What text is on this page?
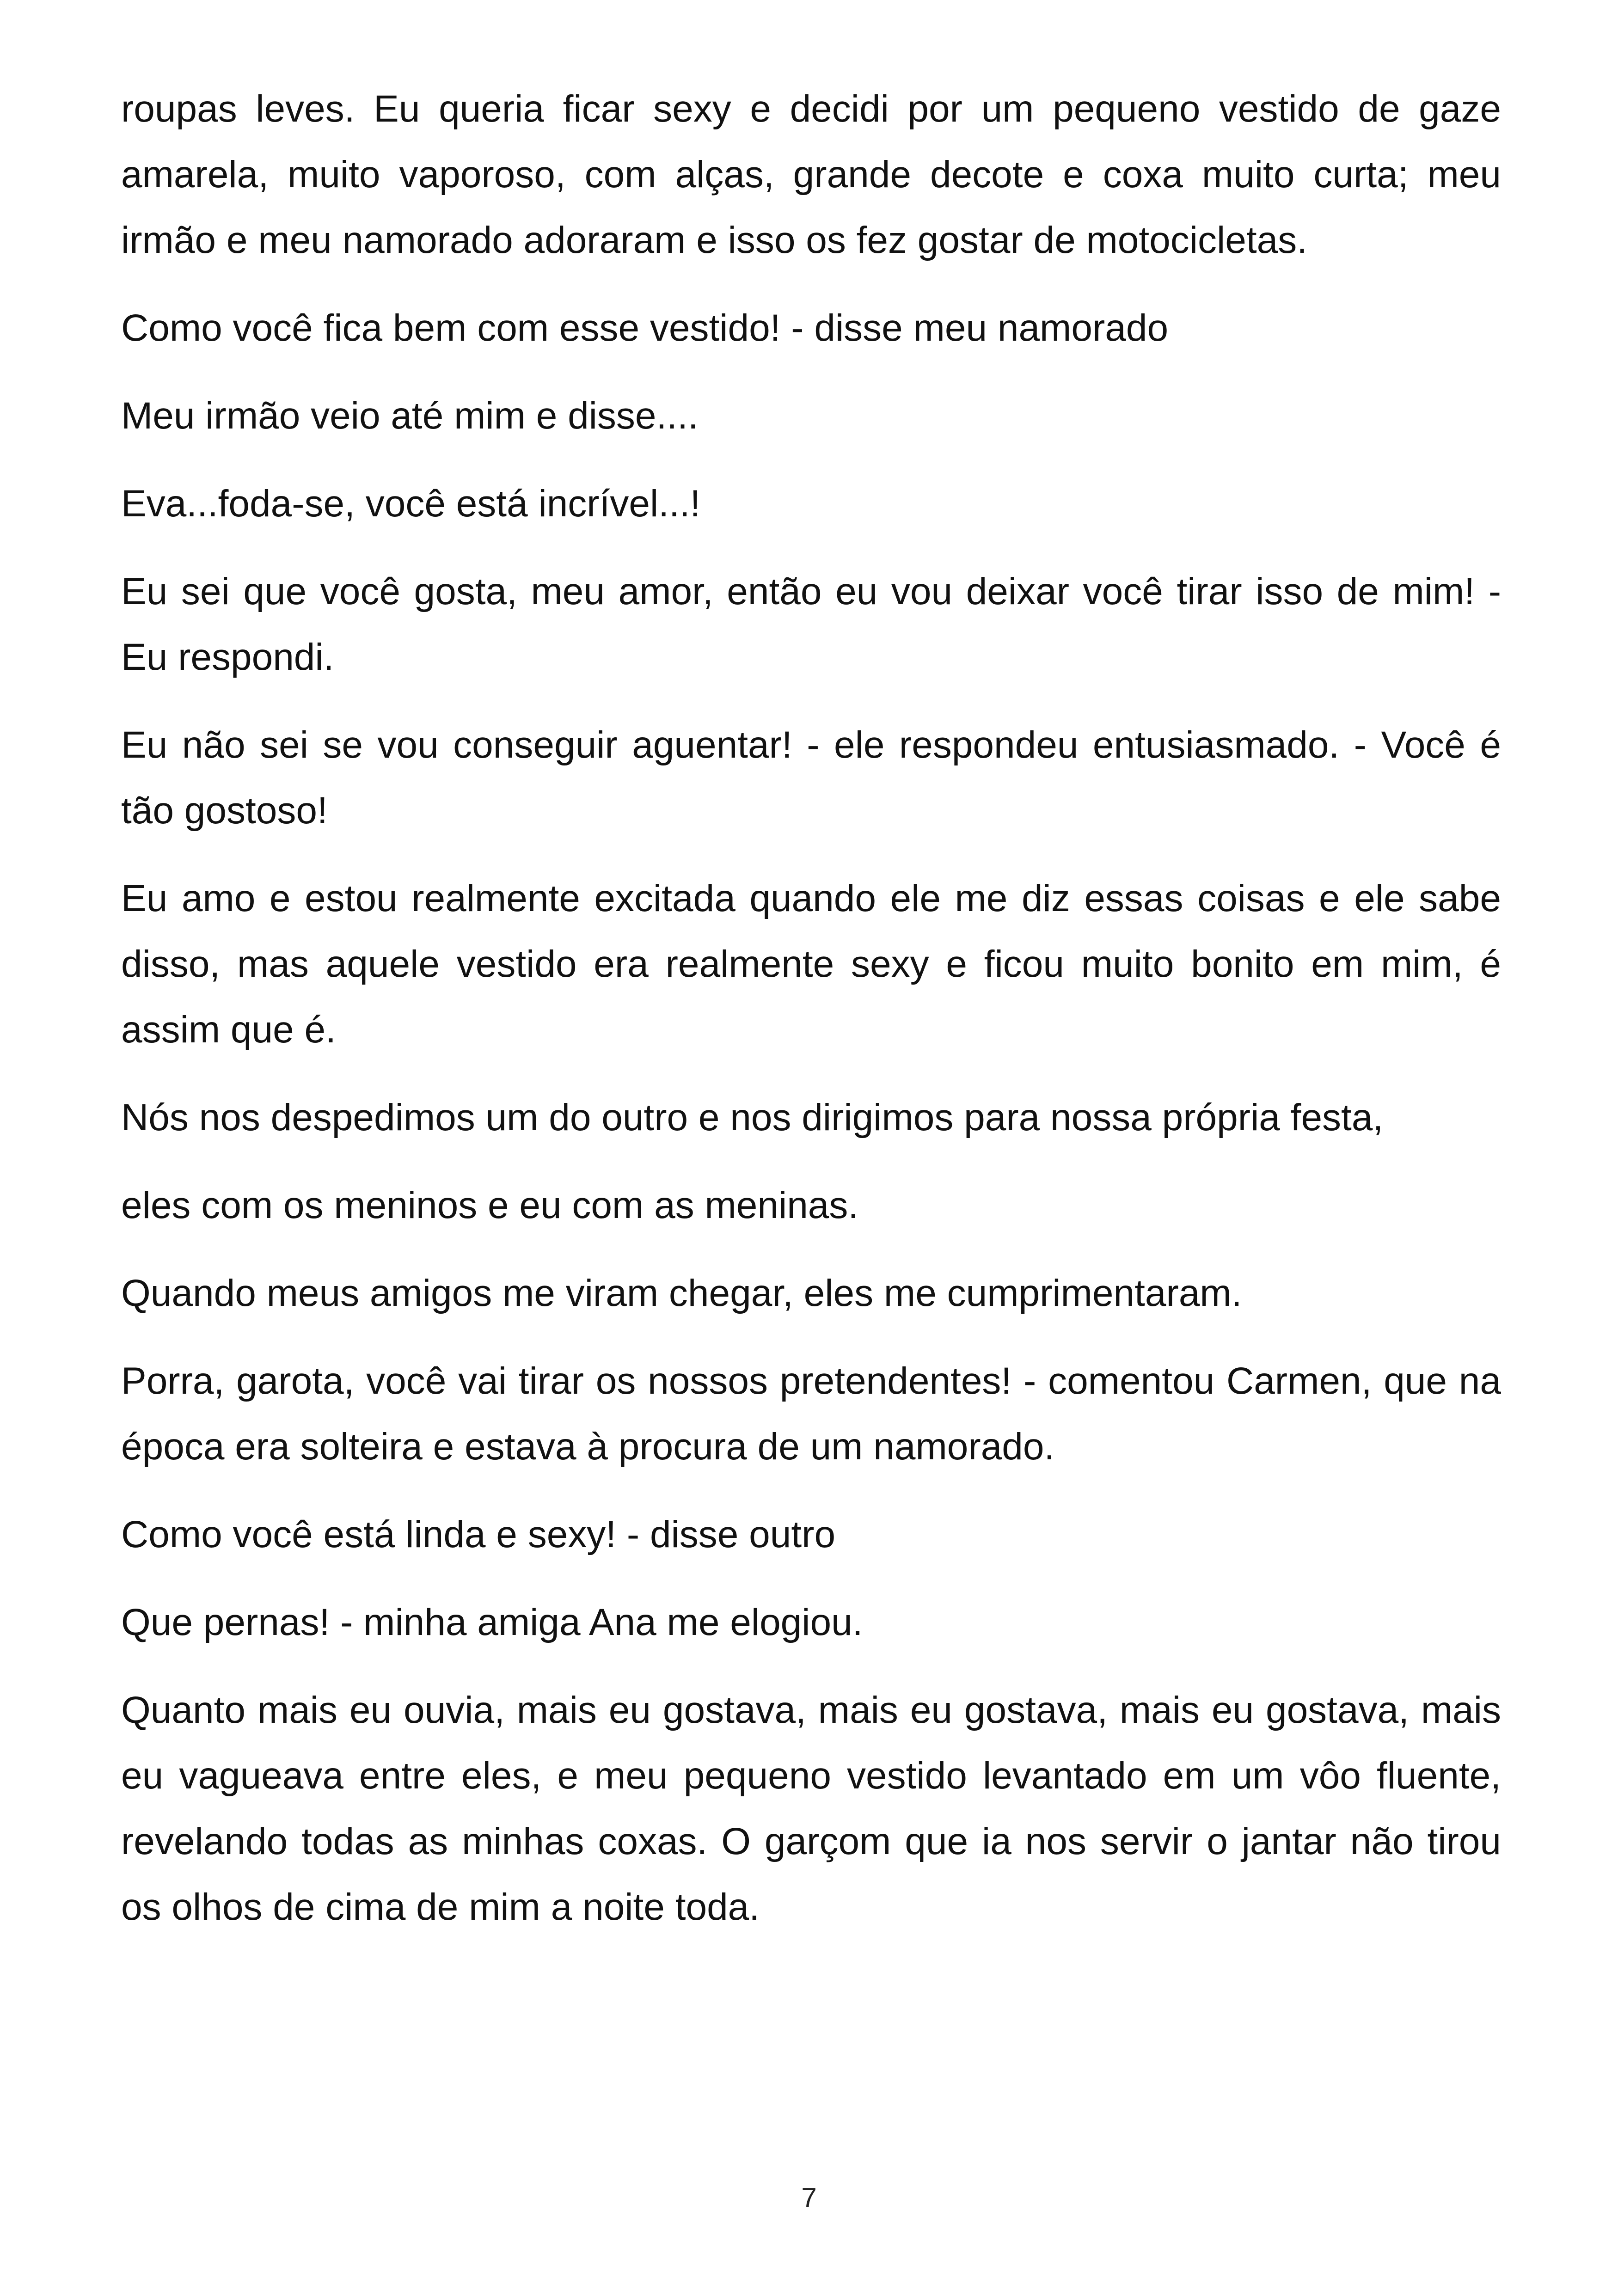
roupas leves. Eu queria ficar sexy e decidi por um pequeno vestido de gaze amarela, muito vaporoso, com alças, grande decote e coxa muito curta; meu irmão e meu namorado adoraram e isso os fez gostar de motocicletas.

Como você fica bem com esse vestido! - disse meu namorado

Meu irmão veio até mim e disse....

Eva...foda-se, você está incrível...!

Eu sei que você gosta, meu amor, então eu vou deixar você tirar isso de mim! - Eu respondi.

Eu não sei se vou conseguir aguentar! - ele respondeu entusiasmado. - Você é tão gostoso!

Eu amo e estou realmente excitada quando ele me diz essas coisas e ele sabe disso, mas aquele vestido era realmente sexy e ficou muito bonito em mim, é assim que é.

Nós nos despedimos um do outro e nos dirigimos para nossa própria festa,

eles com os meninos e eu com as meninas.

Quando meus amigos me viram chegar, eles me cumprimentaram.

Porra, garota, você vai tirar os nossos pretendentes! - comentou Carmen, que na época era solteira e estava à procura de um namorado.

Como você está linda e sexy! - disse outro

Que pernas! - minha amiga Ana me elogiou.

Quanto mais eu ouvia, mais eu gostava, mais eu gostava, mais eu gostava, mais eu vagueava entre eles, e meu pequeno vestido levantado em um vôo fluente, revelando todas as minhas coxas. O garçom que ia nos servir o jantar não tirou os olhos de cima de mim a noite toda.

7
